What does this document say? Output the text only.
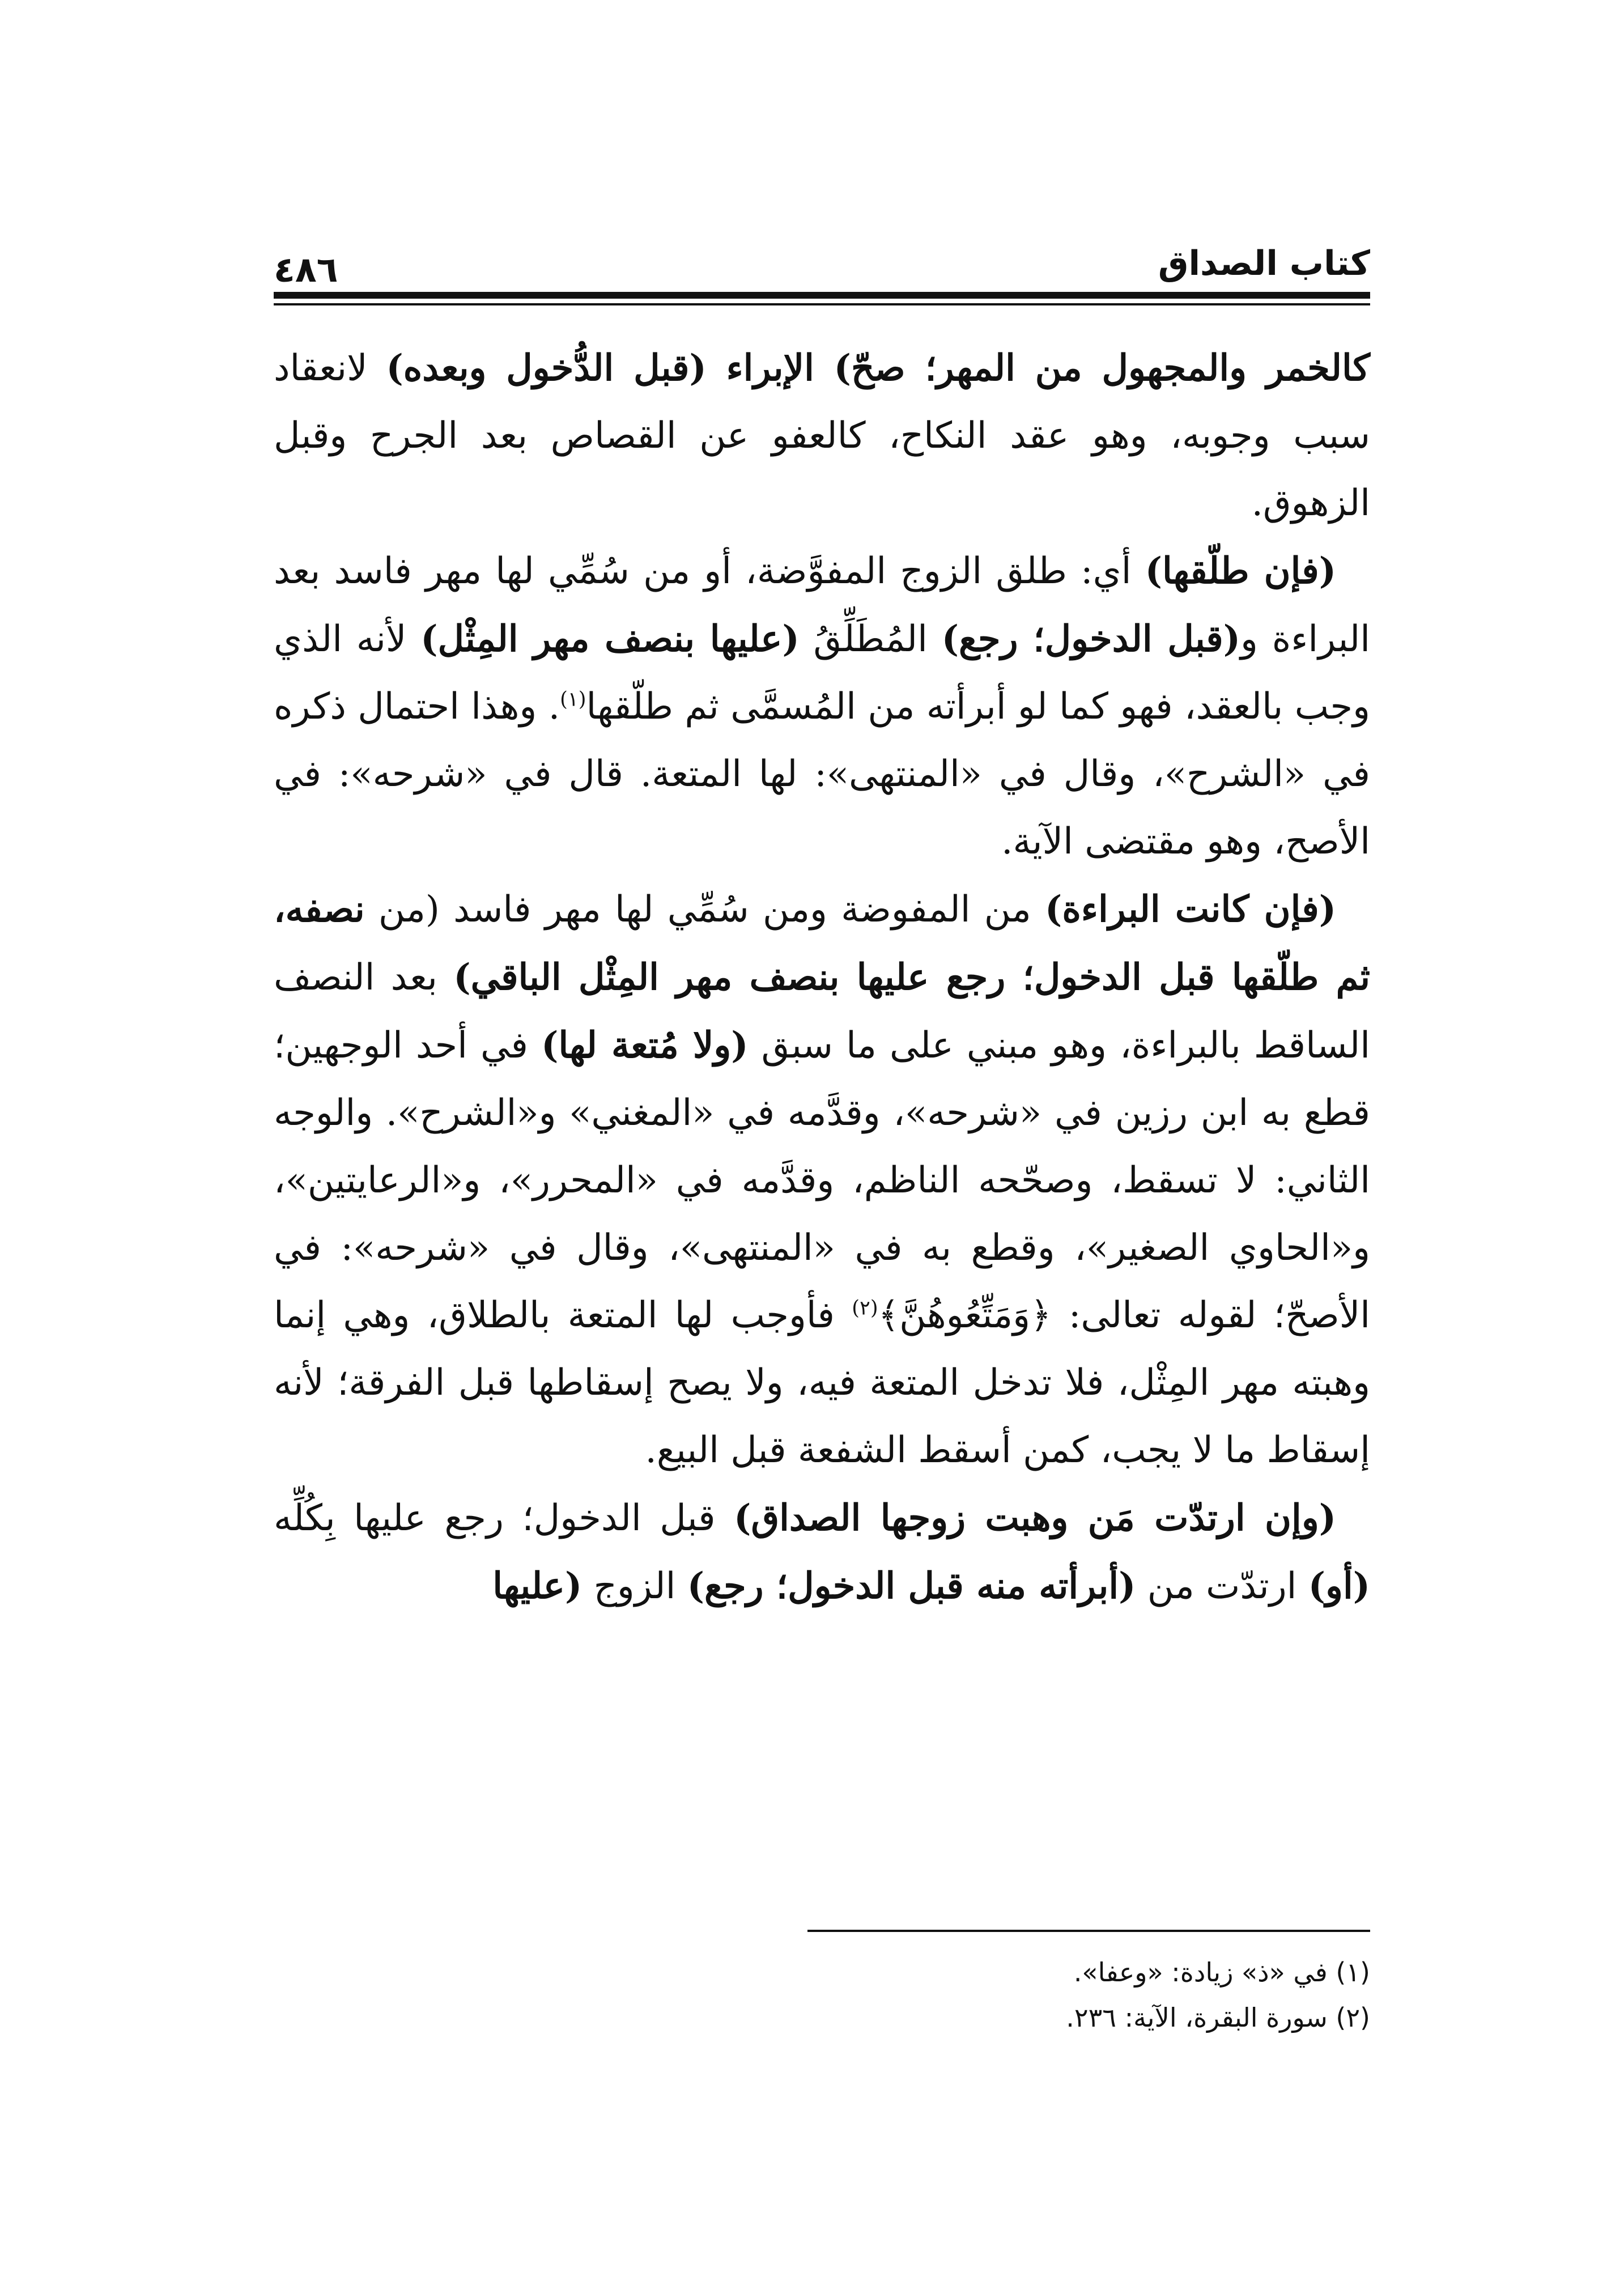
كتاب الصداق
٤٨٦

كالخمر والمجهول من المهر؛ صحّ) الإبراء (قبل الدُّخول وبعده) لانعقاد سبب وجوبه، وهو عقد النكاح، كالعفو عن القصاص بعد الجرح وقبل الزهوق.

(فإن طلّقها) أي: طلق الزوج المفوَّضة، أو من سُمِّي لها مهر فاسد بعد البراءة و(قبل الدخول؛ رجع) المُطَلِّقُ (عليها بنصف مهر المِثْل) لأنه الذي وجب بالعقد، فهو كما لو أبرأته من المُسمَّى ثم طلّقها$^{(١)}$. وهذا احتمال ذكره في «الشرح»، وقال في «المنتهى»: لها المتعة. قال في «شرحه»: في الأصح، وهو مقتضى الآية.

(فإن كانت البراءة) من المفوضة ومن سُمِّي لها مهر فاسد (من نصفه، ثم طلّقها قبل الدخول؛ رجع عليها بنصف مهر المِثْل الباقي) بعد النصف الساقط بالبراءة، وهو مبني على ما سبق (ولا مُتعة لها) في أحد الوجهين؛ قطع به ابن رزين في «شرحه»، وقدَّمه في «المغني» و«الشرح». والوجه الثاني: لا تسقط، وصحّحه الناظم، وقدَّمه في «المحرر»، و«الرعايتين»، و«الحاوي الصغير»، وقطع به في «المنتهى»، وقال في «شرحه»: في الأصحّ؛ لقوله تعالى: ﴿وَمَتِّعُوهُنَّ﴾$^{(٢)}$ فأوجب لها المتعة بالطلاق، وهي إنما وهبته مهر المِثْل، فلا تدخل المتعة فيه، ولا يصح إسقاطها قبل الفرقة؛ لأنه إسقاط ما لا يجب، كمن أسقط الشفعة قبل البيع.

(وإن ارتدّت مَن وهبت زوجها الصداق) قبل الدخول؛ رجع عليها بِكُلِّه (أو) ارتدّت من (أبرأته منه قبل الدخول؛ رجع) الزوج (عليها

(١) في «ذ» زيادة: «وعفا».

(٢) سورة البقرة، الآية: ٢٣٦.
